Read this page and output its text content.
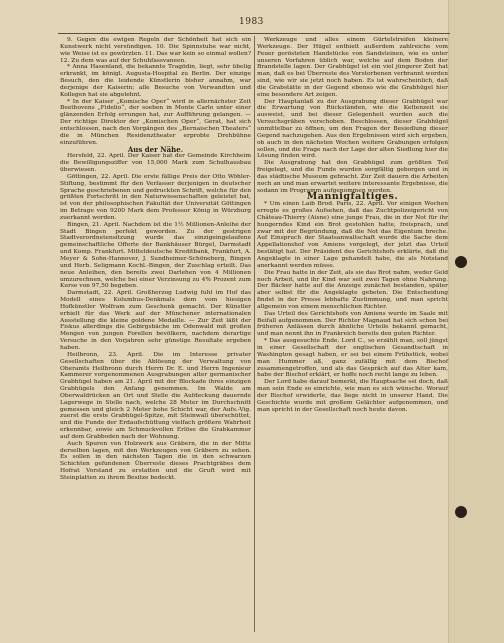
1983

9. Gegen die ewigen Regeln der Schönheit hat sich ein Kunstwerk nicht versündigen. 10. Die Spinnstube war nicht, wie Weise ist es gewürzten. 11. Das war kein so einmal wollen? 12. Zu dem was auf der Schuhfassvaneen.

* Anna Hasenland, die bekannte Tragödin, liegt, sehr übelig erkrankt, im königl. Augusta-Hospital zu Berlin. Der einzige Besuch, den die leidende Künstlerin bisher annahm, war derjenige der Kaiserin; alle Besuche von Verwandten und Kollegen hat sie abgelehnt.

* In der Kaiser „Komische Oper“ wird in allernächster Zeit Beethovens „Fidelio“, der soeben in Monte Carlo unter einer glänzenden Erfolg errungen hat, zur Aufführung gelangen. — Der richtige Direktor der „Komischen Oper“, Gerat, hat sich entschlossen, nach den Vorgängen des „Bernaischen Theaters“ die in München Residenztheater erprobte Drehbühne einzuführen.

Aus der Nähe.

Hersfeld, 22. April. Der Kaiser hat der Gemeinde Kirchheim die Bewilligungsziffer von 15,000 Mark zum Schulhausbau überwiesen.

Göttingen, 22. April. Die erste fällige Preis der Otto Wöhler-Stiftung, bestimmt für den Verfasser derjenigen in deutscher Sprache geschriebenen und gedruckten Schrift, welche für den größten Fortschritt in den Naturwissenschaften geleistet hat, ist von der philosophischen Fakultät der Universität Göttingen im Betrage von 9200 Mark dem Professor König in Würzburg zuerkannt worden.

Bingen, 21. April. Nachdem ist die 1½ Millionen-Anleihe der Stadt Bingen perfekt geworden. Zu der gestrigen Stadtverordnetensitzung wurde das einzigeingelaufene gemeinschaftliche Offerte der Bankhäuser Bürgel, Darmstadt und Komp. Frankfurt. Mitteldeutsche Kreditbank, Frankfurt, A. Meyer & Sohn-Hannover, J. Sundheimer-Schöneberg, Bingen und Herb. Seligmann Kochl.-Bingen, der Zuschlag erteilt. Das neue Anleihen, den bereits zwei Darlehen von 4 Millionen umzurechnen, welche bei einer Verzinsung zu 4% Prozent zum Kurse von 97,50 begeben.

Darmstadt, 22. April. Großherzog Ludwig fuhl im Hof das Modell eines Kolumbus-Denkmals dem vom hiesigen Hofkünstler Wolfram zum Geschenk gemacht. Der Künstler erhielt für das Werk auf der Münchener internationalen Ausstellung die kleine goldene Medaille. — Zur Zeit läßt der Fiskus allerdings die Gebirgsbäche im Odenwald mit großen Mengen von jungen Forellen bevölkern, nachdem derartige Versuche in den Vorjahren sehr günstige Resultate ergeben haben.

Heilbronn, 23. April. Die im Interesse privater Gesellschaften über die Ablösung der Verwaltung von Oberamts Heilbronn durch Herrn Dr. E. und Herrn Ingenieur Kammerer vorgenommenen Ausgrabungen alter germanischer Grabhügel haben am 21. April mit der Blockade ihres einzigen Grabhügels den Anfang genommen. Im Walde am Oberwaldrücken an Ort und Stelle die Aufdeckung dauernde Lagerwege in Stelle nach, welche 28 Meter im Durchschnitt gemessen und gleich 2 Meter hohe Schicht war, der Aufs.-Vig. zuerst die erste Grabhügel-Spitze, mit Steinwall überschüttet, und die Funde der Erdaufschüttung vielfach größere Wahrheit erkennbar, sowie am Schmuckvollen Erlöse die Grabkammer auf dem Grabboden nach der Wohnung.

Auch Spuren von Holzwerk aus Gräbern, die in der Mitte derselben lagen, mit den Werkzeugen von Gräbern zu sehen. Es sollen in den nächsten Tagen die in den schwarzen Schichten gefundenen Überreste dieses Prachtgräbes dem Hofrat Vorstand zu erstatten und die Gruft wird mit Steinplatten zu ihrem Besitze bedeckt.

Werkzeuge und alles einem Gürtelstreifen kleinere Werkzeuge. Der Hügel enthielt außerdem zahlreiche vom Feuer gerösteten Handstücke von Sandsteinen, wie es unter unseren Vorfahren üblich war, welche auf dem Boden der Brandstelle lagen. Der Grabhügel ist ein viel jüngerer Zeit hat man, daß es bei Überreste des Verstorbenen verbrannt worden sind, wie wir sie jetzt noch haben. Es ist wahrscheinlich, daß die Grabstätte in der Gegend ebenso wie die Grabhügel hier eine besondere Art zeigen.

Der Hauptanlaß zu der Ausgrabung dieser Grabhügel war die Erwartung von Rückständen, wie die Keltenzeit sie ausweist, und bei dieser Gelegenheit wurden auch die Versuchsgräben verschoben. Beschlossen, dieser Grabhügel unmittelbar zu öffnen, um den Fragen der Besiedlung dieser Gegend nachzugehen. Aus den Ergebnissen wird sich ergeben, ob auch in den nächsten Wochen weitere Grabungen erfolgen sollen, und die Frage nach der Lage der alten Siedlung hier die Lösung finden wird.

Die Ausgrabung hat den Grabhügel zum größten Teil freigelegt, und die Funde wurden sorgfältig geborgen und in das städtische Museum gebracht. Zur Zeit dauern die Arbeiten noch an und man erwartet weitere interessante Ergebnisse, die sodann im Programm aufgenommen werden.

Mannigfaltiges.

* Um einen Laib Brod. Paris, 22. April. Vor einigen Wochen erregte es großes Aufsehen, daß das Zuchtpolizeigericht von Château-Thierry (Aisne) eine junge Frau, die in der Not für ihr hungerndes Kind ein Brot gestohlen hatte, freisprach, und zwar mit der Begründung, daß die Not das Eigentum breche. Auf Einspruch der Staatsanwaltschaft wurde die Sache dem Appellationshof von Amiens vorgelegt, der jetzt das Urteil bestätigt hat. Der Präsident des Gerichtshofs erklärte, daß die Angeklagte in einer Lage gehandelt habe, die als Notstand anerkannt werden müsse.

Die Frau hatte in der Zeit, als sie das Brot nahm, weder Geld noch Arbeit, und ihr Kind war seit zwei Tagen ohne Nahrung. Der Bäcker hatte auf die Anzeige zunächst bestanden, später aber selbst für die Angeklagte gebeten. Die Entscheidung findet in der Presse lebhafte Zustimmung, und man spricht allgemein von einem menschlichen Richter.

Das Urteil des Gerichtshofs von Amiens wurde im Saale mit Beifall aufgenommen. Der Richter Magnaud hat sich schon bei früheren Anlässen durch ähnliche Urteile bekannt gemacht, und man nennt ihn in Frankreich bereits den guten Richter.

* Das ausgesuchte Ende. Lord C., so erzählt man, soll jüngst in einer Gesellschaft der englischen Gesandtschaft in Washington gesagt haben, er sei bei einem Frühstück, wobei man Hummer aß, ganz zufällig mit dem Bischof zusammengetroffen, und als das Gespräch auf das Alter kam, habe der Bischof erklärt, er hoffe noch recht lange zu leben.

Der Lord habe darauf bemerkt, die Hauptsache sei doch, daß man sein Ende so einrichte, wie man es sich wünsche. Worauf der Bischof erwiderte, das liege nicht in unserer Hand. Die Geschichte wurde mit großem Gelächter aufgenommen, und man spricht in der Gesellschaft noch heute davon.
